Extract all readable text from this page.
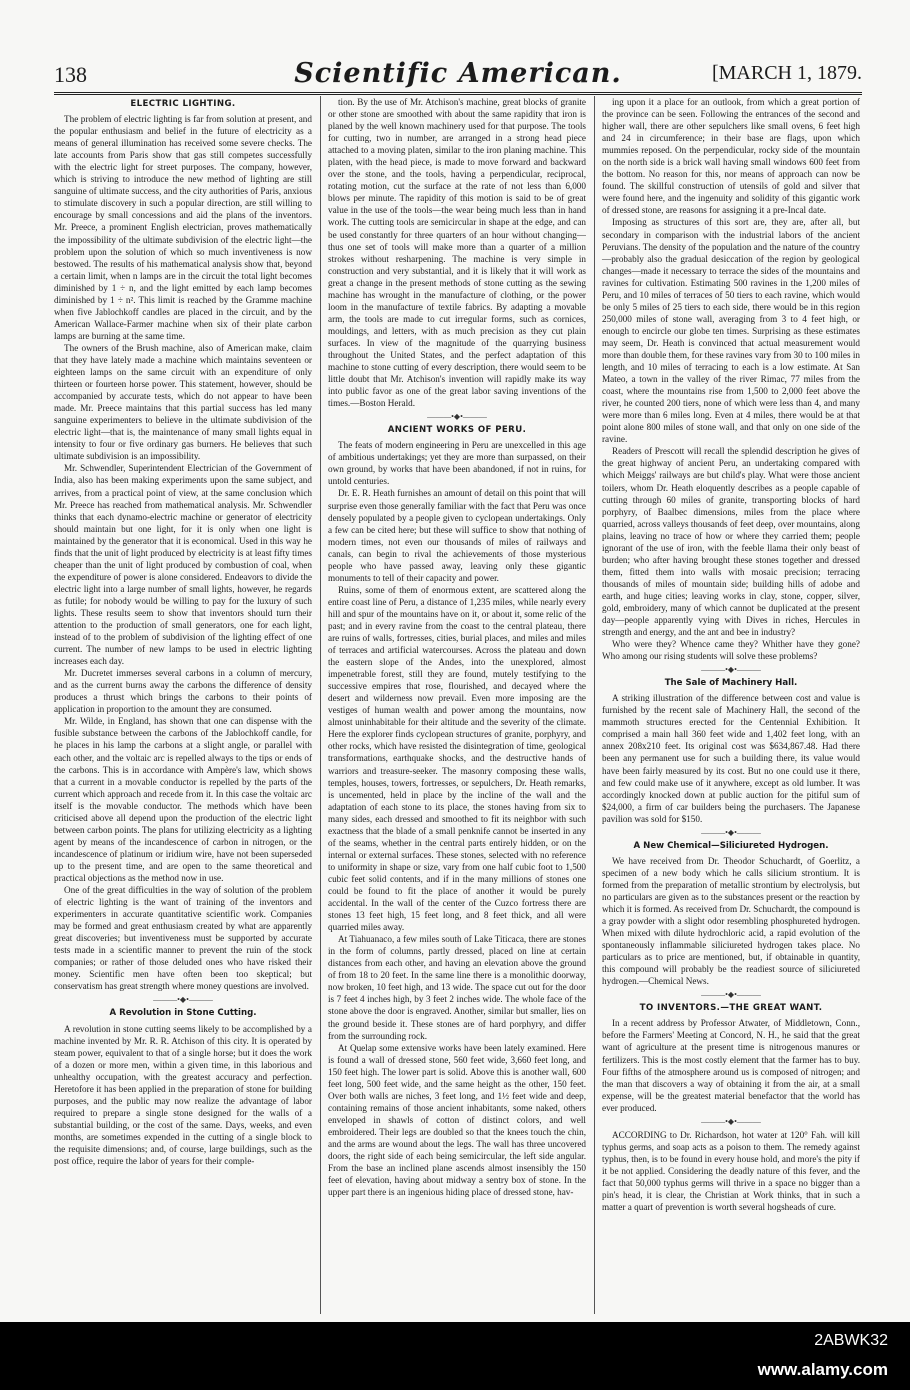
138	Scientific American.	[MARCH 1, 1879.
ELECTRIC LIGHTING.

The problem of electric lighting is far from solution at present, and the popular enthusiasm and belief in the future of electricity as a means of general illumination has received some severe checks. The late accounts from Paris show that gas still competes successfully with the electric light for street purposes. The company, however, which is striving to introduce the new method of lighting are still sanguine of ultimate success, and the city authorities of Paris, anxious to stimulate discovery in such a popular direction, are still willing to encourage by small concessions and aid the plans of the inventors. Mr. Preece, a prominent English electrician, proves mathematically the impossibility of the ultimate subdivision of the electric light—the problem upon the solution of which so much inventiveness is now bestowed. The results of his mathematical analysis show that, beyond a certain limit, when n lamps are in the circuit the total light becomes diminished by 1 ÷ n, and the light emitted by each lamp becomes diminished by 1 ÷ n². This limit is reached by the Gramme machine when five Jablochkoff candles are placed in the circuit, and by the American Wallace-Farmer machine when six of their plate carbon lamps are burning at the same time.

The owners of the Brush machine, also of American make, claim that they have lately made a machine which maintains seventeen or eighteen lamps on the same circuit with an expenditure of only thirteen or fourteen horse power. This statement, however, should be accompanied by accurate tests, which do not appear to have been made. Mr. Preece maintains that this partial success has led many sanguine experimenters to believe in the ultimate subdivision of the electric light—that is, the maintenance of many small lights equal in intensity to four or five ordinary gas burners. He believes that such ultimate subdivision is an impossibility.

Mr. Schwendler, Superintendent Electrician of the Government of India, also has been making experiments upon the same subject, and arrives, from a practical point of view, at the same conclusion which Mr. Preece has reached from mathematical analysis. Mr. Schwendler thinks that each dynamo-electric machine or generator of electricity should maintain but one light, for it is only when one light is maintained by the generator that it is economical. Used in this way he finds that the unit of light produced by electricity is at least fifty times cheaper than the unit of light produced by combustion of coal, when the expenditure of power is alone considered. Endeavors to divide the electric light into a large number of small lights, however, he regards as futile; for nobody would be willing to pay for the luxury of such lights. These results seem to show that inventors should turn their attention to the production of small generators, one for each light, instead of to the problem of subdivision of the lighting effect of one current. The number of new lamps to be used in electric lighting increases each day.

Mr. Ducretet immerses several carbons in a column of mercury, and as the current burns away the carbons the difference of density produces a thrust which brings the carbons to their points of application in proportion to the amount they are consumed.

Mr. Wilde, in England, has shown that one can dispense with the fusible substance between the carbons of the Jablochkoff candle, for he places in his lamp the carbons at a slight angle, or parallel with each other, and the voltaic arc is repelled always to the tips or ends of the carbons. This is in accordance with Ampère's law, which shows that a current in a movable conductor is repelled by the parts of the current which approach and recede from it. In this case the voltaic arc itself is the movable conductor. The methods which have been criticised above all depend upon the production of the electric light between carbon points. The plans for utilizing electricity as a lighting agent by means of the incandescence of carbon in nitrogen, or the incandescence of platinum or iridium wire, have not been superseded up to the present time, and are open to the same theoretical and practical objections as the method now in use.

One of the great difficulties in the way of solution of the problem of electric lighting is the want of training of the inventors and experimenters in accurate quantitative scientific work. Companies may be formed and great enthusiasm created by what are apparently great discoveries; but inventiveness must be supported by accurate tests made in a scientific manner to prevent the ruin of the stock companies; or rather of those deluded ones who have risked their money. Scientific men have often been too skeptical; but conservatism has great strength where money questions are involved.

———•◆•———
A Revolution in Stone Cutting.

A revolution in stone cutting seems likely to be accomplished by a machine invented by Mr. R. R. Atchison of this city. It is operated by steam power, equivalent to that of a single horse; but it does the work of a dozen or more men, within a given time, in this laborious and unhealthy occupation, with the greatest accuracy and perfection. Heretofore it has been applied in the preparation of stone for building purposes, and the public may now realize the advantage of labor required to prepare a single stone designed for the walls of a substantial building, or the cost of the same. Days, weeks, and even months, are sometimes expended in the cutting of a single block to the requisite dimensions; and, of course, large buildings, such as the post office, require the labor of years for their comple-

tion. By the use of Mr. Atchison's machine, great blocks of granite or other stone are smoothed with about the same rapidity that iron is planed by the well known machinery used for that purpose. The tools for cutting, two in number, are arranged in a strong head piece attached to a moving platen, similar to the iron planing machine. This platen, with the head piece, is made to move forward and backward over the stone, and the tools, having a perpendicular, reciprocal, rotating motion, cut the surface at the rate of not less than 6,000 blows per minute. The rapidity of this motion is said to be of great value in the use of the tools—the wear being much less than in hand work. The cutting tools are semicircular in shape at the edge, and can be used constantly for three quarters of an hour without changing—thus one set of tools will make more than a quarter of a million strokes without resharpening. The machine is very simple in construction and very substantial, and it is likely that it will work as great a change in the present methods of stone cutting as the sewing machine has wrought in the manufacture of clothing, or the power loom in the manufacture of textile fabrics. By adapting a movable arm, the tools are made to cut irregular forms, such as cornices, mouldings, and letters, with as much precision as they cut plain surfaces. In view of the magnitude of the quarrying business throughout the United States, and the perfect adaptation of this machine to stone cutting of every description, there would seem to be little doubt that Mr. Atchison's invention will rapidly make its way into public favor as one of the great labor saving inventions of the times.—Boston Herald.

———•◆•———
ANCIENT WORKS OF PERU.

The feats of modern engineering in Peru are unexcelled in this age of ambitious undertakings; yet they are more than surpassed, on their own ground, by works that have been abandoned, if not in ruins, for untold centuries.

Dr. E. R. Heath furnishes an amount of detail on this point that will surprise even those generally familiar with the fact that Peru was once densely populated by a people given to cyclopean undertakings. Only a few can be cited here; but these will suffice to show that nothing of modern times, not even our thousands of miles of railways and canals, can begin to rival the achievements of those mysterious people who have passed away, leaving only these gigantic monuments to tell of their capacity and power.

Ruins, some of them of enormous extent, are scattered along the entire coast line of Peru, a distance of 1,235 miles, while nearly every hill and spur of the mountains have on it, or about it, some relic of the past; and in every ravine from the coast to the central plateau, there are ruins of walls, fortresses, cities, burial places, and miles and miles of terraces and artificial watercourses. Across the plateau and down the eastern slope of the Andes, into the unexplored, almost impenetrable forest, still they are found, mutely testifying to the successive empires that rose, flourished, and decayed where the desert and wilderness now prevail. Even more imposing are the vestiges of human wealth and power among the mountains, now almost uninhabitable for their altitude and the severity of the climate. Here the explorer finds cyclopean structures of granite, porphyry, and other rocks, which have resisted the disintegration of time, geological transformations, earthquake shocks, and the destructive hands of warriors and treasure-seeker. The masonry composing these walls, temples, houses, towers, fortresses, or sepulchers, Dr. Heath remarks, is uncemented, held in place by the incline of the wall and the adaptation of each stone to its place, the stones having from six to many sides, each dressed and smoothed to fit its neighbor with such exactness that the blade of a small penknife cannot be inserted in any of the seams, whether in the central parts entirely hidden, or on the internal or external surfaces. These stones, selected with no reference to uniformity in shape or size, vary from one half cubic foot to 1,500 cubic feet solid contents, and if in the many millions of stones one could be found to fit the place of another it would be purely accidental. In the wall of the center of the Cuzco fortress there are stones 13 feet high, 15 feet long, and 8 feet thick, and all were quarried miles away.

At Tiahuanaco, a few miles south of Lake Titicaca, there are stones in the form of columns, partly dressed, placed on line at certain distances from each other, and having an elevation above the ground of from 18 to 20 feet. In the same line there is a monolithic doorway, now broken, 10 feet high, and 13 wide. The space cut out for the door is 7 feet 4 inches high, by 3 feet 2 inches wide. The whole face of the stone above the door is engraved. Another, similar but smaller, lies on the ground beside it. These stones are of hard porphyry, and differ from the surrounding rock.

At Quelap some extensive works have been lately examined. Here is found a wall of dressed stone, 560 feet wide, 3,660 feet long, and 150 feet high. The lower part is solid. Above this is another wall, 600 feet long, 500 feet wide, and the same height as the other, 150 feet. Over both walls are niches, 3 feet long, and 1½ feet wide and deep, containing remains of those ancient inhabitants, some naked, others enveloped in shawls of cotton of distinct colors, and well embroidered. Their legs are doubled so that the knees touch the chin, and the arms are wound about the legs. The wall has three uncovered doors, the right side of each being semicircular, the left side angular. From the base an inclined plane ascends almost insensibly the 150 feet of elevation, having about midway a sentry box of stone. In the upper part there is an ingenious hiding place of dressed stone, hav-

ing upon it a place for an outlook, from which a great portion of the province can be seen. Following the entrances of the second and higher wall, there are other sepulchers like small ovens, 6 feet high and 24 in circumference; in their base are flags, upon which mummies reposed. On the perpendicular, rocky side of the mountain on the north side is a brick wall having small windows 600 feet from the bottom. No reason for this, nor means of approach can now be found. The skillful construction of utensils of gold and silver that were found here, and the ingenuity and solidity of this gigantic work of dressed stone, are reasons for assigning it a pre-Incal date.

Imposing as structures of this sort are, they are, after all, but secondary in comparison with the industrial labors of the ancient Peruvians. The density of the population and the nature of the country—probably also the gradual desiccation of the region by geological changes—made it necessary to terrace the sides of the mountains and ravines for cultivation. Estimating 500 ravines in the 1,200 miles of Peru, and 10 miles of terraces of 50 tiers to each ravine, which would be only 5 miles of 25 tiers to each side, there would be in this region 250,000 miles of stone wall, averaging from 3 to 4 feet high, or enough to encircle our globe ten times. Surprising as these estimates may seem, Dr. Heath is convinced that actual measurement would more than double them, for these ravines vary from 30 to 100 miles in length, and 10 miles of terracing to each is a low estimate. At San Mateo, a town in the valley of the river Rimac, 77 miles from the coast, where the mountains rise from 1,500 to 2,000 feet above the river, he counted 200 tiers, none of which were less than 4, and many were more than 6 miles long. Even at 4 miles, there would be at that point alone 800 miles of stone wall, and that only on one side of the ravine.

Readers of Prescott will recall the splendid description he gives of the great highway of ancient Peru, an undertaking compared with which Meiggs' railways are but child's play. What were those ancient toilers, whom Dr. Heath eloquently describes as a people capable of cutting through 60 miles of granite, transporting blocks of hard porphyry, of Baalbec dimensions, miles from the place where quarried, across valleys thousands of feet deep, over mountains, along plains, leaving no trace of how or where they carried them; people ignorant of the use of iron, with the feeble llama their only beast of burden; who after having brought these stones together and dressed them, fitted them into walls with mosaic precision; terracing thousands of miles of mountain side; building hills of adobe and earth, and huge cities; leaving works in clay, stone, copper, silver, gold, embroidery, many of which cannot be duplicated at the present day—people apparently vying with Dives in riches, Hercules in strength and energy, and the ant and bee in industry?

Who were they? Whence came they? Whither have they gone? Who among our rising students will solve these problems?

———•◆•———
The Sale of Machinery Hall.

A striking illustration of the difference between cost and value is furnished by the recent sale of Machinery Hall, the second of the mammoth structures erected for the Centennial Exhibition. It comprised a main hall 360 feet wide and 1,402 feet long, with an annex 208x210 feet. Its original cost was $634,867.48. Had there been any permanent use for such a building there, its value would have been fairly measured by its cost. But no one could use it there, and few could make use of it anywhere, except as old lumber. It was accordingly knocked down at public auction for the pitiful sum of $24,000, a firm of car builders being the purchasers. The Japanese pavilion was sold for $150.

———•◆•———
A New Chemical—Siliciureted Hydrogen.

We have received from Dr. Theodor Schuchardt, of Goerlitz, a specimen of a new body which he calls silicium strontium. It is formed from the preparation of metallic strontium by electrolysis, but no particulars are given as to the substances present or the reaction by which it is formed. As received from Dr. Schuchardt, the compound is a gray powder with a slight odor resembling phosphureted hydrogen. When mixed with dilute hydrochloric acid, a rapid evolution of the spontaneously inflammable siliciureted hydrogen takes place. No particulars as to price are mentioned, but, if obtainable in quantity, this compound will probably be the readiest source of siliciureted hydrogen.—Chemical News.

———•◆•———
TO INVENTORS.—THE GREAT WANT.

In a recent address by Professor Atwater, of Middletown, Conn., before the Farmers' Meeting at Concord, N. H., he said that the great want of agriculture at the present time is nitrogenous manures or fertilizers. This is the most costly element that the farmer has to buy. Four fifths of the atmosphere around us is composed of nitrogen; and the man that discovers a way of obtaining it from the air, at a small expense, will be the greatest material benefactor that the world has ever produced.

———•◆•———

ACCORDING to Dr. Richardson, hot water at 120° Fah. will kill typhus germs, and soap acts as a poison to them. The remedy against typhus, then, is to be found in every house hold, and more's the pity if it be not applied. Considering the deadly nature of this fever, and the fact that 50,000 typhus germs will thrive in a space no bigger than a pin's head, it is clear, the Christian at Work thinks, that in such a matter a quart of prevention is worth several hogsheads of cure.

2ABWK32
www.alamy.com
